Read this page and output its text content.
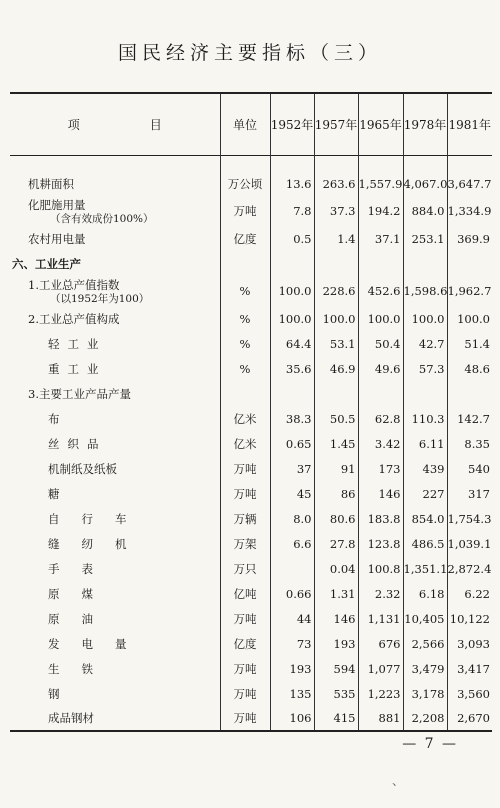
国民经济主要指标（三）
项 目	单位	1952年	1957年	1965年	1978年	1981年

机耕面积	万公顷	13.6	263.6	1,557.9	4,067.0	3,647.7
化肥施用量
（含有效成份100%）	万吨	7.8	37.3	194.2	884.0	1,334.9
农村用电量	亿度	0.5	1.4	37.1	253.1	369.9
六、工业生产						
1.工业总产值指数
（以1952年为100）	%	100.0	228.6	452.6	1,598.6	1,962.7
2.工业总产值构成	%	100.0	100.0	100.0	100.0	100.0
轻工业	%	64.4	53.1	50.4	42.7	51.4
重工业	%	35.6	46.9	49.6	57.3	48.6
3.主要工业产品产量						
布	亿米	38.3	50.5	62.8	110.3	142.7
丝织品	亿米	0.65	1.45	3.42	6.11	8.35
机制纸及纸板	万吨	37	91	173	439	540
糖	万吨	45	86	146	227	317
自行车	万辆	8.0	80.6	183.8	854.0	1,754.3
缝纫机	万架	6.6	27.8	123.8	486.5	1,039.1
手表	万只		0.04	100.8	1,351.1	2,872.4
原煤	亿吨	0.66	1.31	2.32	6.18	6.22
原油	万吨	44	146	1,131	10,405	10,122
发电量	亿度	73	193	676	2,566	3,093
生铁	万吨	193	594	1,077	3,479	3,417
钢	万吨	135	535	1,223	3,178	3,560
成品钢材	万吨	106	415	881	2,208	2,670
— 7 —
、
